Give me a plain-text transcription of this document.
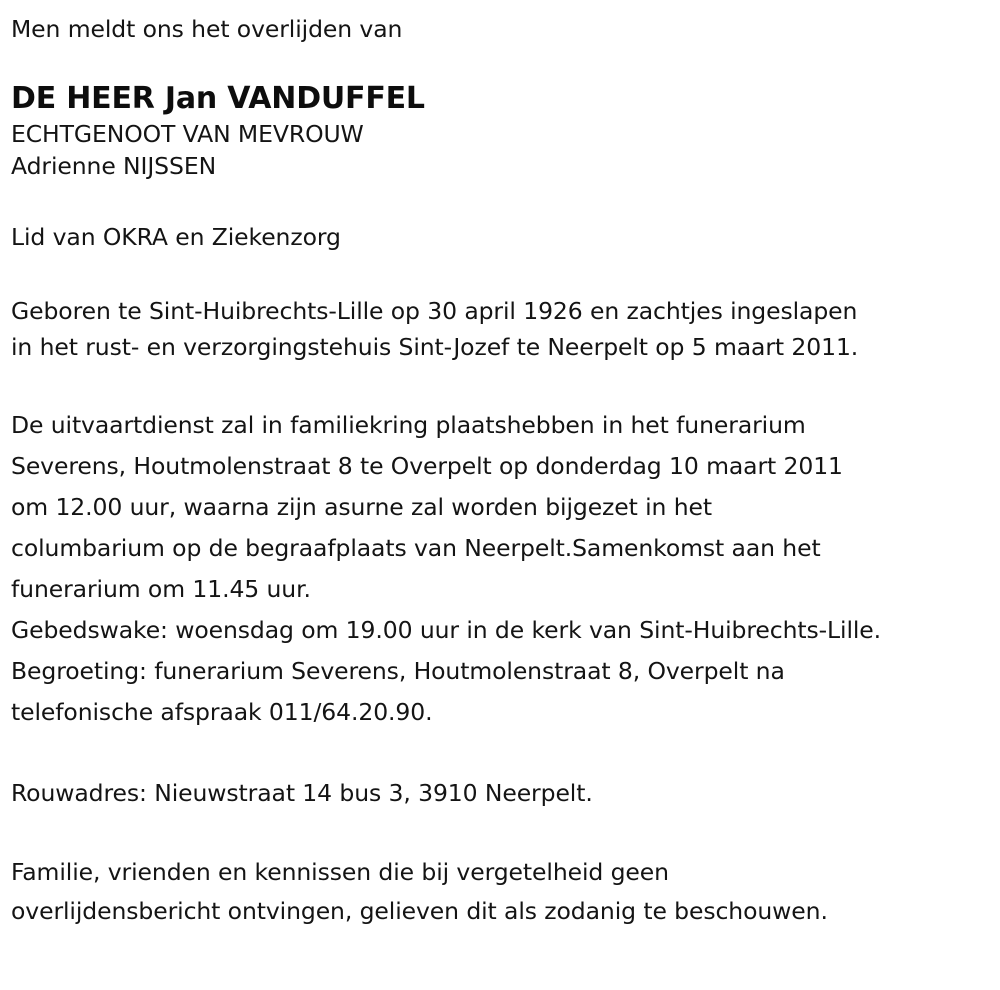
Men meldt ons het overlijden van
DE HEER Jan VANDUFFEL
ECHTGENOOT VAN MEVROUW
Adrienne NIJSSEN
Lid van OKRA en Ziekenzorg
Geboren te Sint-Huibrechts-Lille op 30 april 1926 en zachtjes ingeslapen
in het rust- en verzorgingstehuis Sint-Jozef te Neerpelt op 5 maart 2011.
De uitvaartdienst zal in familiekring plaatshebben in het funerarium
Severens, Houtmolenstraat 8 te Overpelt op donderdag 10 maart 2011
om 12.00 uur, waarna zijn asurne zal worden bijgezet in het
columbarium op de begraafplaats van Neerpelt.Samenkomst aan het
funerarium om 11.45 uur.
Gebedswake: woensdag om 19.00 uur in de kerk van Sint-Huibrechts-Lille.
Begroeting: funerarium Severens, Houtmolenstraat 8, Overpelt na
telefonische afspraak 011/64.20.90.
Rouwadres: Nieuwstraat 14 bus 3, 3910 Neerpelt.
Familie, vrienden en kennissen die bij vergetelheid geen
overlijdensbericht ontvingen, gelieven dit als zodanig te beschouwen.
